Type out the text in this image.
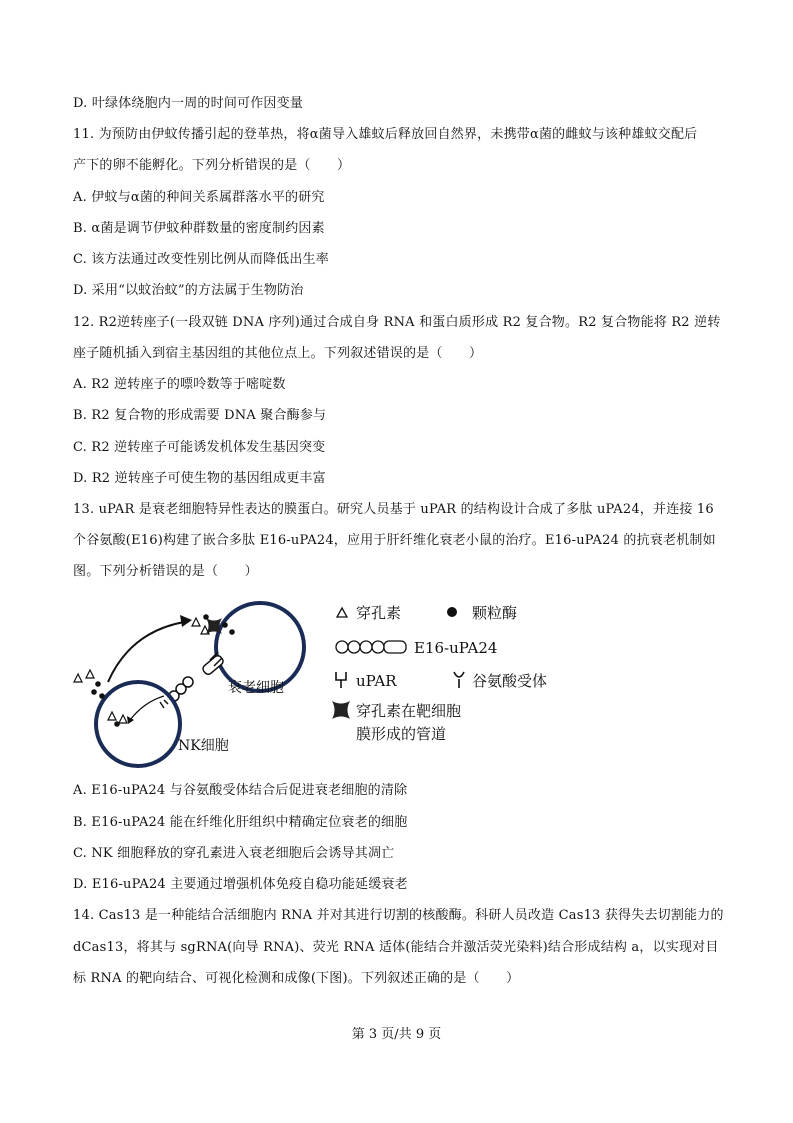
D. 叶绿体绕胞内一周的时间可作因变量
11. 为预防由伊蚊传播引起的登革热，将α菌导入雄蚊后释放回自然界，未携带α菌的雌蚊与该种雄蚊交配后
产下的卵不能孵化。下列分析错误的是（　　）
A. 伊蚊与α菌的种间关系属群落水平的研究
B. α菌是调节伊蚊种群数量的密度制约因素
C. 该方法通过改变性别比例从而降低出生率
D. 采用“以蚊治蚊”的方法属于生物防治
12. R2逆转座子(一段双链 DNA 序列)通过合成自身 RNA 和蛋白质形成 R2 复合物。R2 复合物能将 R2 逆转
座子随机插入到宿主基因组的其他位点上。下列叙述错误的是（　　）
A. R2 逆转座子的嘌呤数等于嘧啶数
B. R2 复合物的形成需要 DNA 聚合酶参与
C. R2 逆转座子可能诱发机体发生基因突变
D. R2 逆转座子可使生物的基因组成更丰富
13. uPAR 是衰老细胞特异性表达的膜蛋白。研究人员基于 uPAR 的结构设计合成了多肽 uPA24，并连接 16
个谷氨酸(E16)构建了嵌合多肽 E16-uPA24，应用于肝纤维化衰老小鼠的治疗。E16-uPA24 的抗衰老机制如
图。下列分析错误的是（　　）
衰老细胞
NK细胞
穿孔素	颗粒酶
E16-uPA24
uPAR	谷氨酸受体
穿孔素在靶细胞
膜形成的管道
A. E16-uPA24 与谷氨酸受体结合后促进衰老细胞的清除
B. E16-uPA24 能在纤维化肝组织中精确定位衰老的细胞
C. NK 细胞释放的穿孔素进入衰老细胞后会诱导其凋亡
D. E16-uPA24 主要通过增强机体免疫自稳功能延缓衰老
14. Cas13 是一种能结合活细胞内 RNA 并对其进行切割的核酸酶。科研人员改造 Cas13 获得失去切割能力的
dCas13，将其与 sgRNA(向导 RNA)、荧光 RNA 适体(能结合并激活荧光染料)结合形成结构 a，以实现对目
标 RNA 的靶向结合、可视化检测和成像(下图)。下列叙述正确的是（　　）
第 3 页/共 9 页
